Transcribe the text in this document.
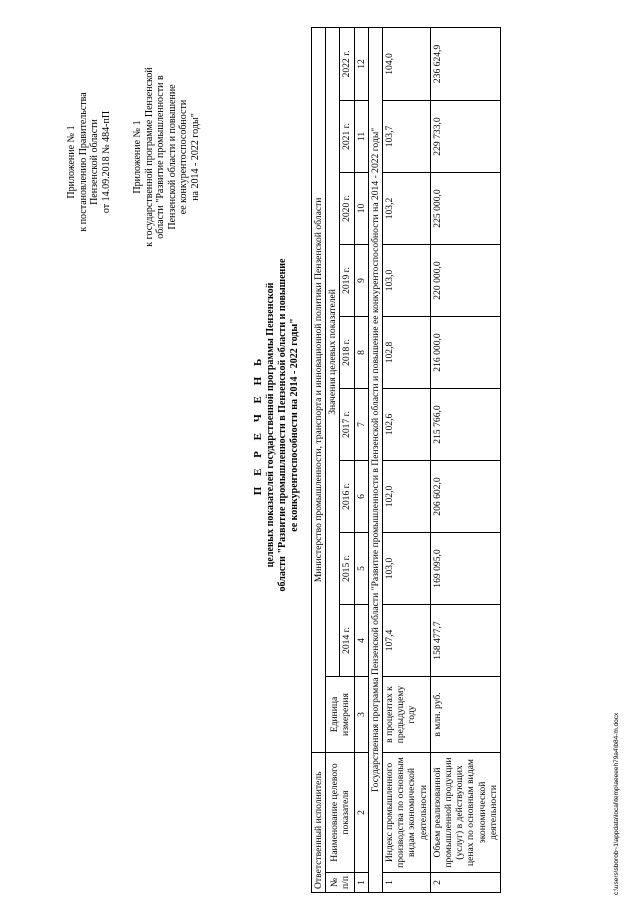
Приложение № 1 к постановлению Правительства Пензенской области от 14.09.2018 № 484-пП Приложение № 1 к государственной программе Пензенской области "Развитие промышленности в Пензенской области и повышение ее конкурентоспособности на 2014 - 2022 годы"
П Е Р Е Ч Е Н Ь целевых показателей государственной программы Пензенской области "Развитие промышленности в Пензенской области и повышение ее конкурентоспособности на 2014 - 2022 годы"
Ответственный исполнитель		Министерство промышленности, транспорта и инновационной политики Пензенской области									
№ п/п	Наименование целевого показателя	Единица измерения	Значения целевых показателей								
			2014 г.	2015 г.	2016 г.	2017 г.	2018 г.	2019 г.	2020 г.	2021 г.	2022 г.
1	2	3	4	5	6	7	8	9	10	11	12
Государственная программа Пензенской области "Развитие промышленности в Пензенской области и повышение ее конкурентоспособности на 2014 - 2022 годы"											
1	Индекс промышленного производства по основным видам экономической деятельности	в процентах к предыдущему году	107,4	103,0	102,0	102,6	102,8	103,0	103,2	103,7	104,0
2	Объем реализованной промышленной продукции (услуг) в действующих ценах по основным видам экономической деятельности	в млн. руб.	158 477,7	169 095,0	206 602,0	215 766,0	216 000,0	220 000,0	225 000,0	229 733,0	236 624,9
c:\users\sborob~1\appdata\local\temp\aeeeeh79a4\b84-m.docx
